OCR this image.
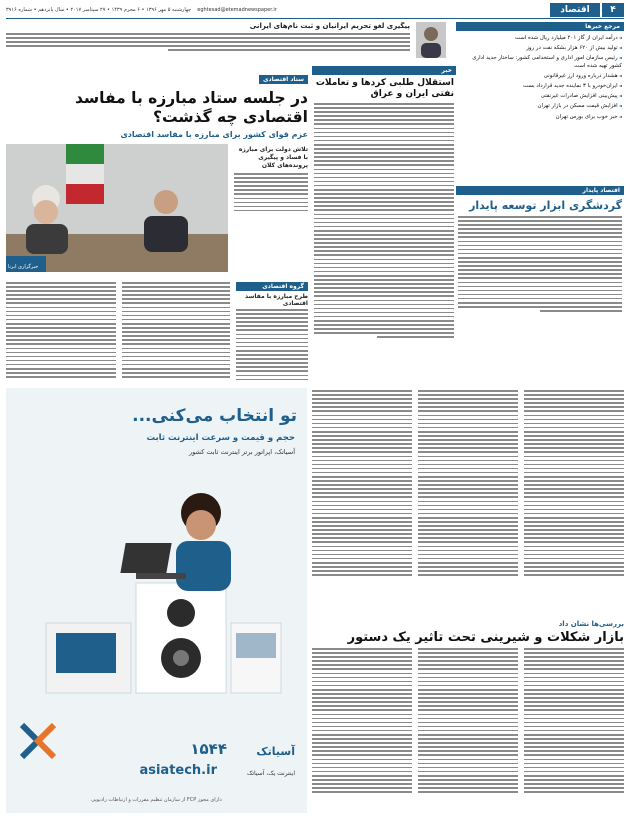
۴
اقتصاد
eghtesad@etemadnewspaper.ir
چهارشنبه ۵ مهر ۱۳۹۶ • ۶ محرم ۱۴۳۹ • ۲۷ سپتامبر ۲۰۱۷ • سال پانزدهم • شماره ۳۹۱۶
پیگیری لغو تحریم ایرانیان و ثبت نام‌های ایرانی	مرجع خبرها
◄ درآمد ایران از گاز ۲۰۱ میلیارد ریال شده است
◄ تولید بیش از ۶۲۰ هزار بشکه نفت در روز
◄ رئیس سازمان امور اداری و استخدامی کشور: ساختار جدید اداری کشور تهیه شده است
◄ هشدار درباره ورود ارز غیرقانونی
◄ ایران‌خودرو با ۳ نماینده جدید قرارداد بست
◄ پیش‌بینی افزایش صادرات غیرنفتی
◄ افزایش قیمت مسکن در بازار تهران
◄ خبر خوب برای بورس تهران
اقتصاد پایدار
گردشگری ابزار توسعه پایدار
خبر
استقلال طلبی کردها و تعاملات نفتی ایران و عراق
ستاد اقتصادی
در جلسه ستاد مبارزه با مفاسد اقتصادی چه گذشت؟
عزم قوای کشور برای مبارزه با مفاسد اقتصادی
خبرگزاری ایرنا
تلاش دولت برای مبارزه با فساد و پیگیری پرونده‌های کلان
گروه اقتصادی
طرح مبارزه با مفاسد اقتصادی
بررسی‌ها نشان داد
بازار شکلات و شیرینی تحت تاثیر یک دستور
تو انتخاب می‌کنی...
حجم و قیمت و سرعت اینترنت ثابت
آسیاتک، اپراتور برتر اینترنت ثابت کشور
۱۵۴۴
asiatech.ir
آسیاتک
اینترنت یک، آسیاتک
دارای مجوز FCP از سازمان تنظیم مقررات و ارتباطات رادیویی
